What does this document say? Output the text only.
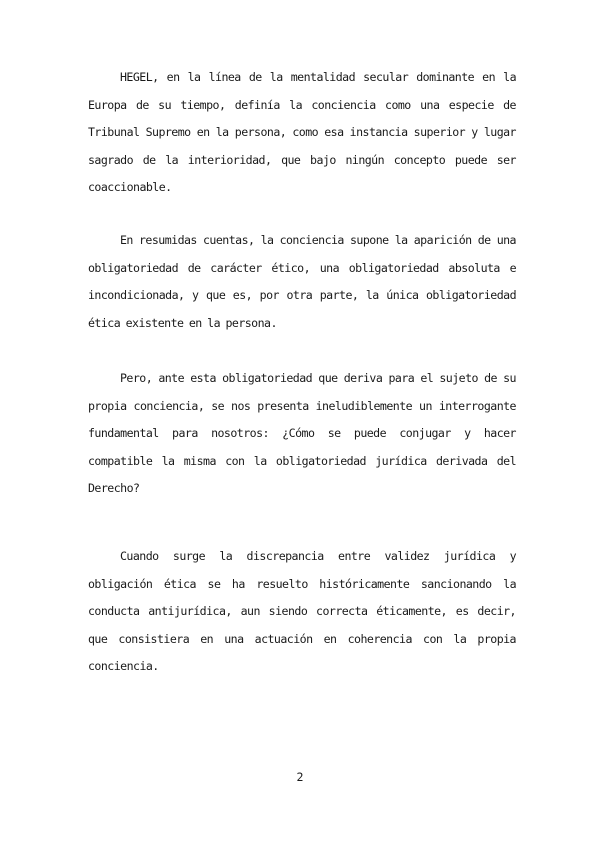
HEGEL, en la línea de la mentalidad secular dominante en la Europa de su tiempo, definía la conciencia como una especie de Tribunal Supremo en la persona, como esa instancia superior y lugar sagrado de la interioridad, que bajo ningún concepto puede ser coaccionable.

En resumidas cuentas, la conciencia supone la aparición de una obligatoriedad de carácter ético, una obligatoriedad absoluta e incondicionada, y que es, por otra parte, la única obligatoriedad ética existente en la persona.

Pero, ante esta obligatoriedad que deriva para el sujeto de su propia conciencia, se nos presenta ineludiblemente un interrogante fundamental para nosotros: ¿Cómo se puede conjugar y hacer compatible la misma con la obligatoriedad jurídica derivada del Derecho?

Cuando surge la discrepancia entre validez jurídica y obligación ética se ha resuelto históricamente sancionando la conducta antijurídica, aun siendo correcta éticamente, es decir, que consistiera en una actuación en coherencia con la propia conciencia.

2
